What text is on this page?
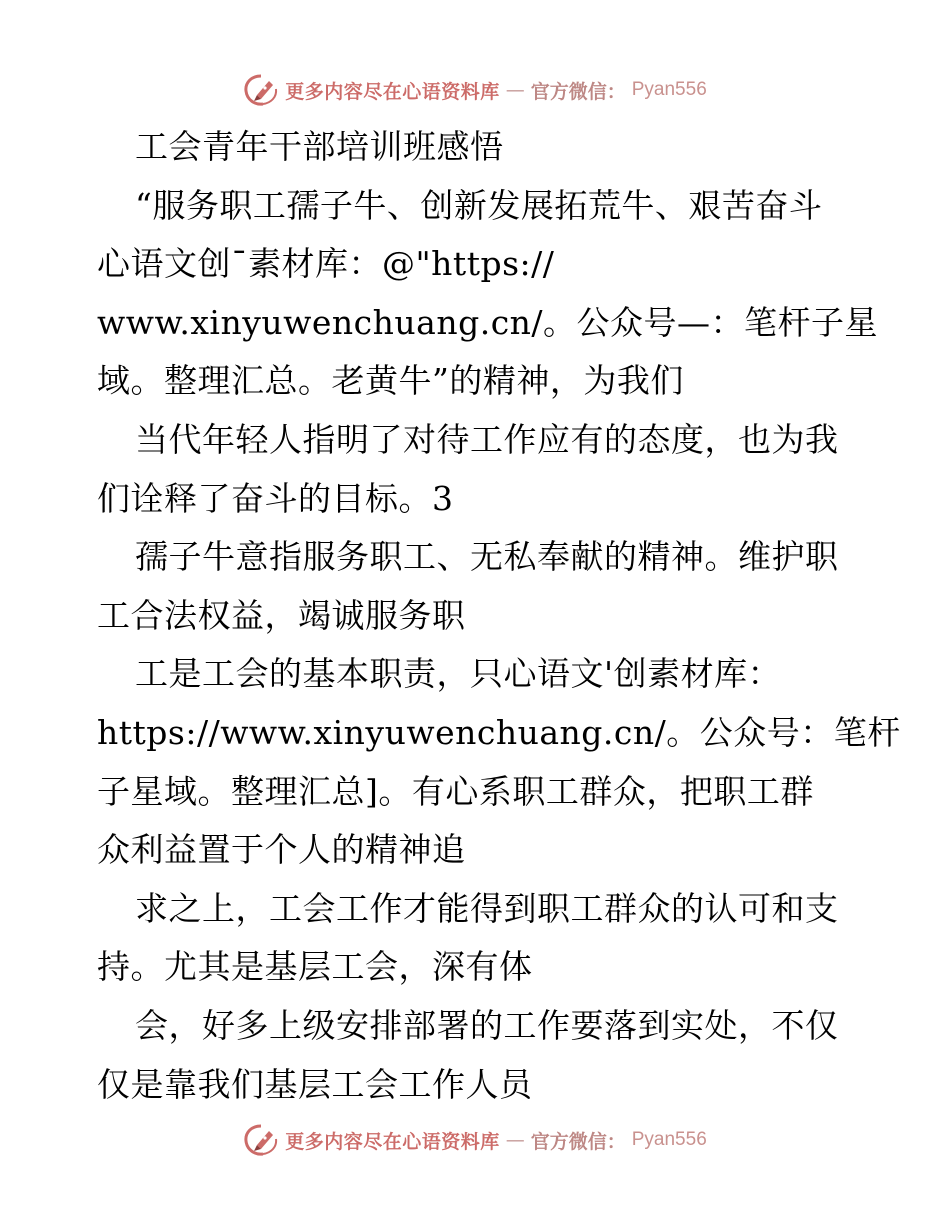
更多内容尽在心语资料库 — 官方微信： Pyan556
工会青年干部培训班感悟
“服务职工孺子牛、创新发展拓荒牛、艰苦奋斗
心语文创¯素材库：@"https://
www.xinyuwenchuang.cn/。公众号—：笔杆子星
域。整理汇总。老黄牛”的精神，为我们
当代年轻人指明了对待工作应有的态度，也为我
们诠释了奋斗的目标。3
孺子牛意指服务职工、无私奉献的精神。维护职
工合法权益，竭诚服务职
工是工会的基本职责，只心语文'创素材库：
https://www.xinyuwenchuang.cn/。公众号：笔杆
子星域。整理汇总]。有心系职工群众，把职工群
众利益置于个人的精神追
求之上，工会工作才能得到职工群众的认可和支
持。尤其是基层工会，深有体
会，好多上级安排部署的工作要落到实处，不仅
仅是靠我们基层工会工作人员
更多内容尽在心语资料库 — 官方微信： Pyan556
